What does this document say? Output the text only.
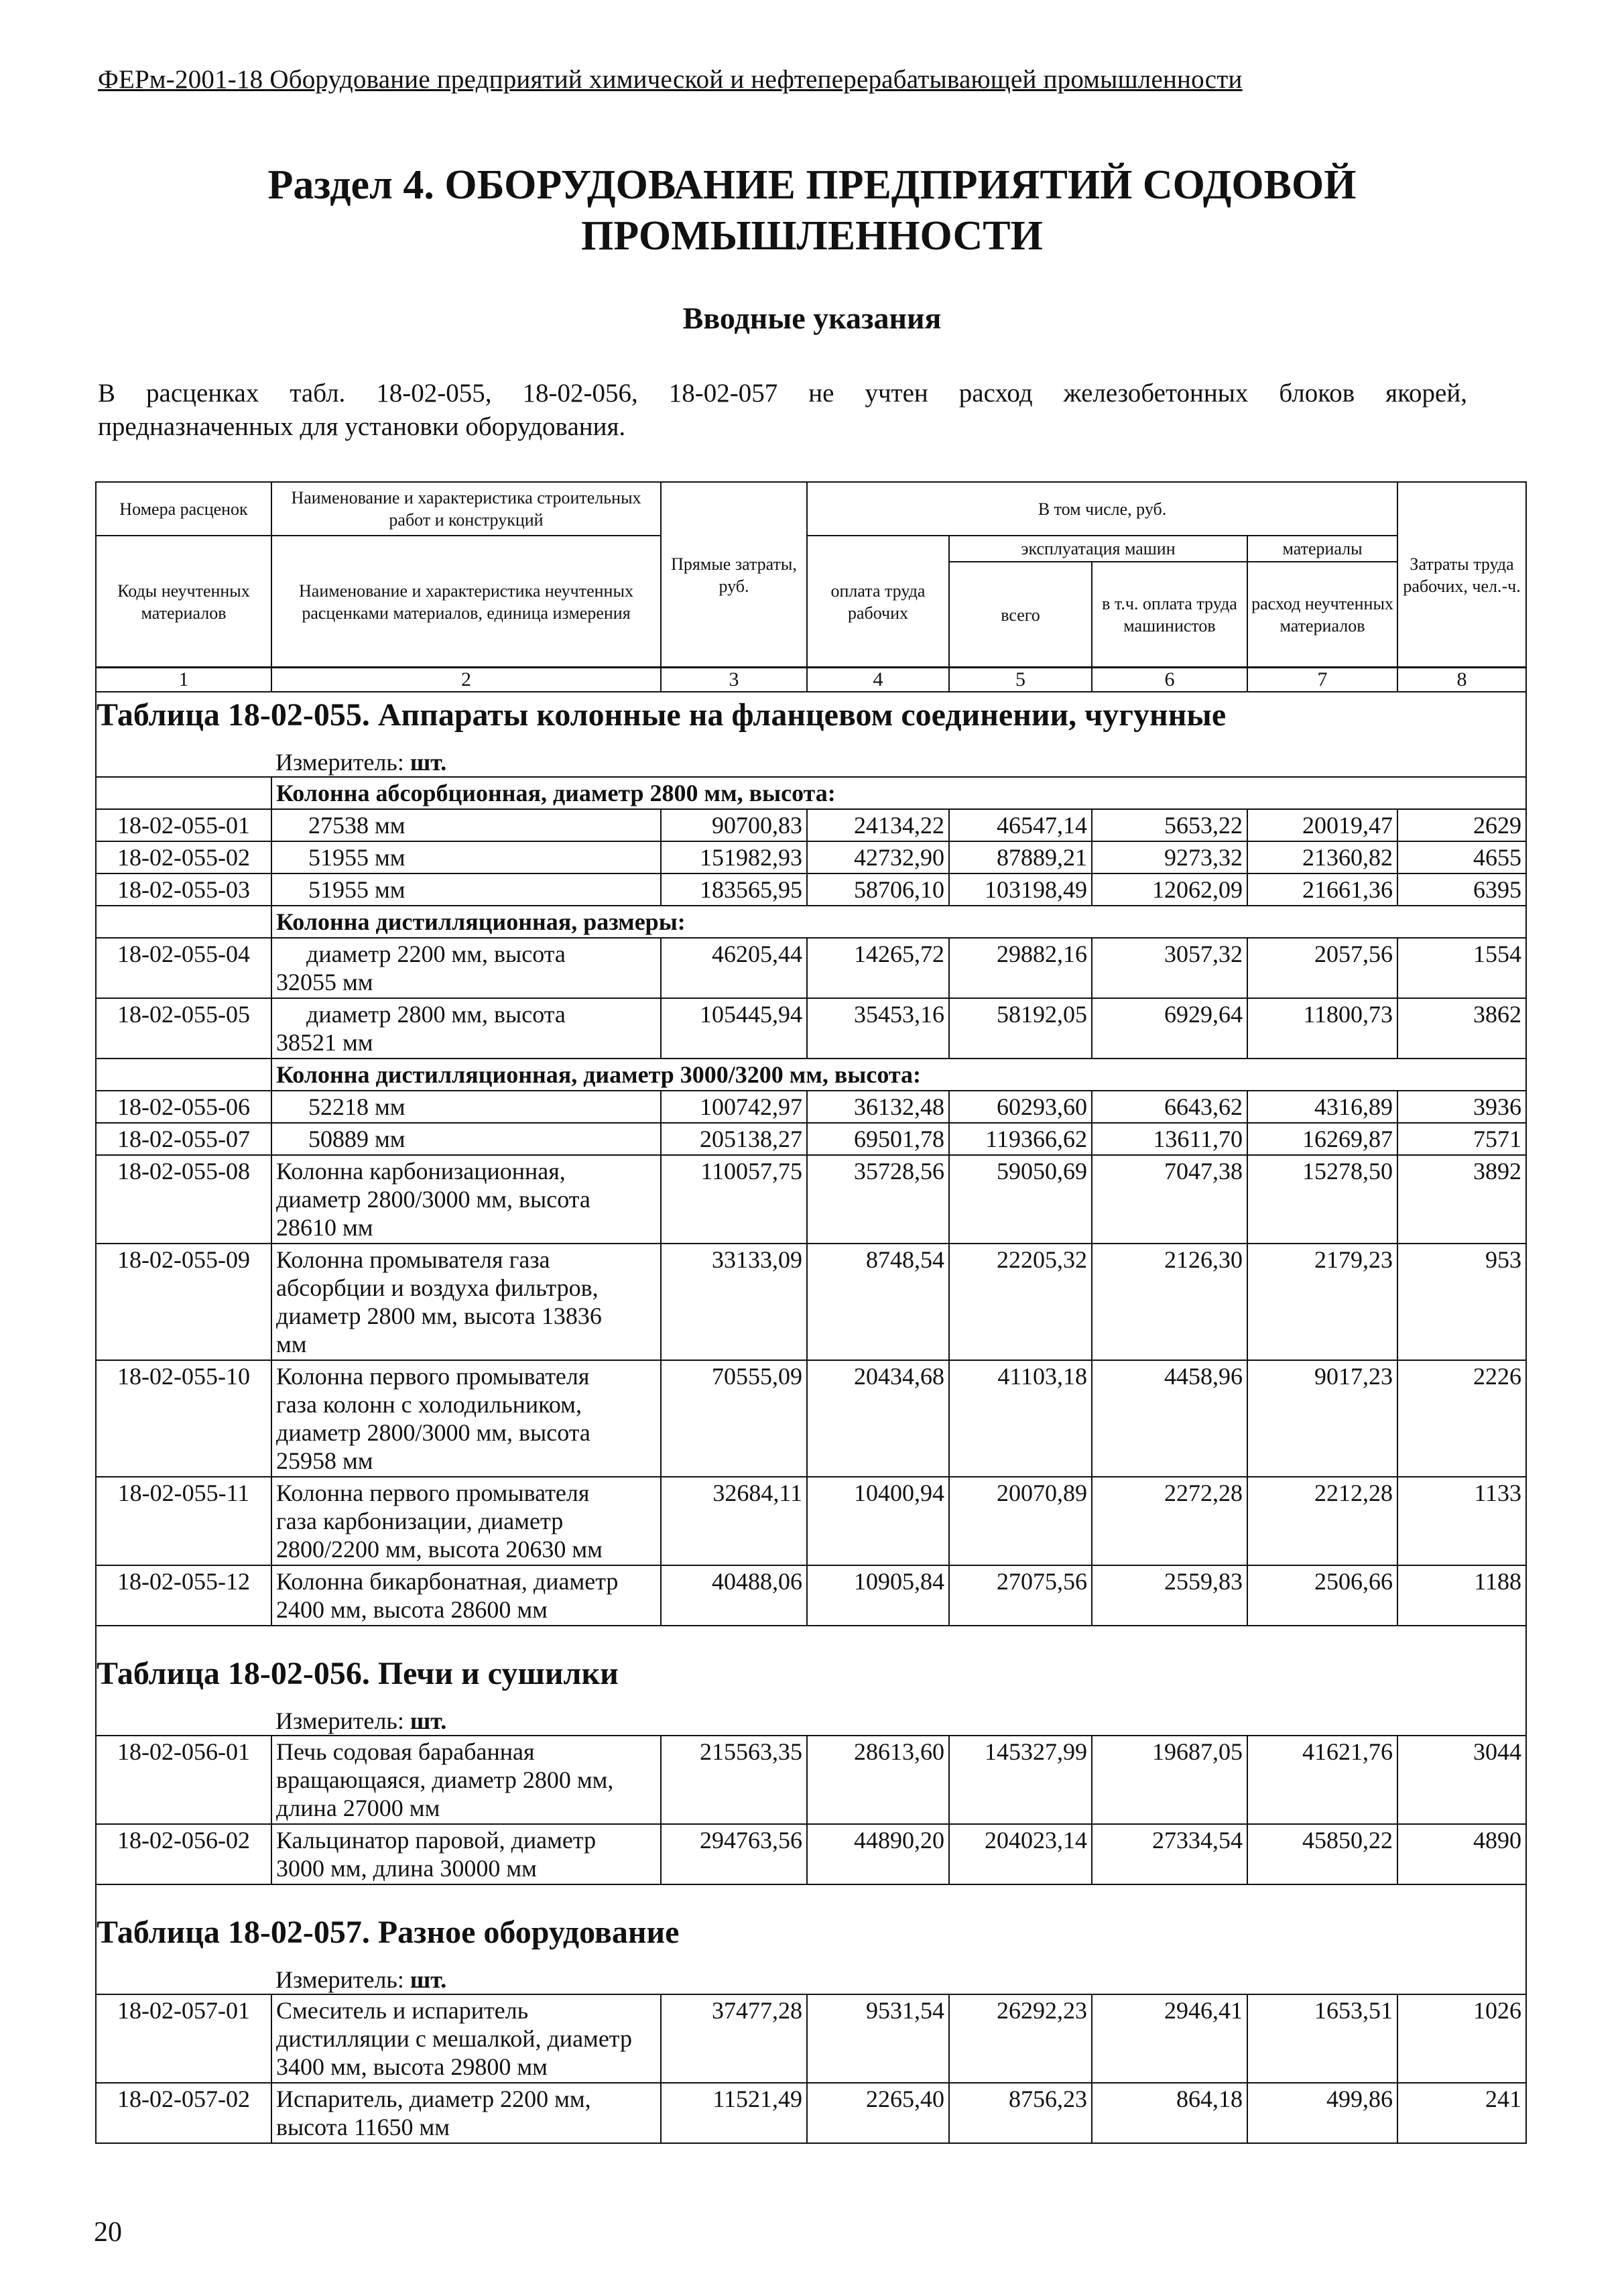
ФЕРм-2001-18 Оборудование предприятий химической и нефтеперерабатывающей промышленности
Раздел 4. ОБОРУДОВАНИЕ ПРЕДПРИЯТИЙ СОДОВОЙ
ПРОМЫШЛЕННОСТИ
Вводные указания
В расценках табл. 18-02-055, 18-02-056, 18-02-057 не учтен расход железобетонных блоков якорей,
предназначенных для установки оборудования.
Номера расценок	Наименование и характеристика строительных работ и конструкций	Прямые затраты, руб.	В том числе, руб.				Затраты труда рабочих, чел.-ч.
Коды неучтенных материалов	Наименование и характеристика неучтенных расценками материалов, единица измерения		оплата труда рабочих	эксплуатация машин		материалы	
				всего	в т.ч. оплата труда машинистов	расход неучтенных материалов	
1	2	3	4	5	6	7	8
Таблица 18-02-055. Аппараты колонные на фланцевом соединении, чугунные							
	Измеритель: шт.						
	Колонна абсорбционная, диаметр 2800 мм, высота:						
18-02-055-01	27538 мм	90700,83	24134,22	46547,14	5653,22	20019,47	2629
18-02-055-02	51955 мм	151982,93	42732,90	87889,21	9273,32	21360,82	4655
18-02-055-03	51955 мм	183565,95	58706,10	103198,49	12062,09	21661,36	6395
	Колонна дистилляционная, размеры:						
18-02-055-04	диаметр 2200 мм, высота
32055 мм	46205,44	14265,72	29882,16	3057,32	2057,56	1554
18-02-055-05	диаметр 2800 мм, высота
38521 мм	105445,94	35453,16	58192,05	6929,64	11800,73	3862
	Колонна дистилляционная, диаметр 3000/3200 мм, высота:						
18-02-055-06	52218 мм	100742,97	36132,48	60293,60	6643,62	4316,89	3936
18-02-055-07	50889 мм	205138,27	69501,78	119366,62	13611,70	16269,87	7571
18-02-055-08	Колонна карбонизационная,
диаметр 2800/3000 мм, высота
28610 мм	110057,75	35728,56	59050,69	7047,38	15278,50	3892
18-02-055-09	Колонна промывателя газа
абсорбции и воздуха фильтров,
диаметр 2800 мм, высота 13836
мм	33133,09	8748,54	22205,32	2126,30	2179,23	953
18-02-055-10	Колонна первого промывателя
газа колонн с холодильником,
диаметр 2800/3000 мм, высота
25958 мм	70555,09	20434,68	41103,18	4458,96	9017,23	2226
18-02-055-11	Колонна первого промывателя
газа карбонизации, диаметр
2800/2200 мм, высота 20630 мм	32684,11	10400,94	20070,89	2272,28	2212,28	1133
18-02-055-12	Колонна бикарбонатная, диаметр
2400 мм, высота 28600 мм	40488,06	10905,84	27075,56	2559,83	2506,66	1188
Таблица 18-02-056. Печи и сушилки							
	Измеритель: шт.						
18-02-056-01	Печь содовая барабанная
вращающаяся, диаметр 2800 мм,
длина 27000 мм	215563,35	28613,60	145327,99	19687,05	41621,76	3044
18-02-056-02	Кальцинатор паровой, диаметр
3000 мм, длина 30000 мм	294763,56	44890,20	204023,14	27334,54	45850,22	4890
Таблица 18-02-057. Разное оборудование							
	Измеритель: шт.						
18-02-057-01	Смеситель и испаритель
дистилляции с мешалкой, диаметр
3400 мм, высота 29800 мм	37477,28	9531,54	26292,23	2946,41	1653,51	1026
18-02-057-02	Испаритель, диаметр 2200 мм,
высота 11650 мм	11521,49	2265,40	8756,23	864,18	499,86	241

20
